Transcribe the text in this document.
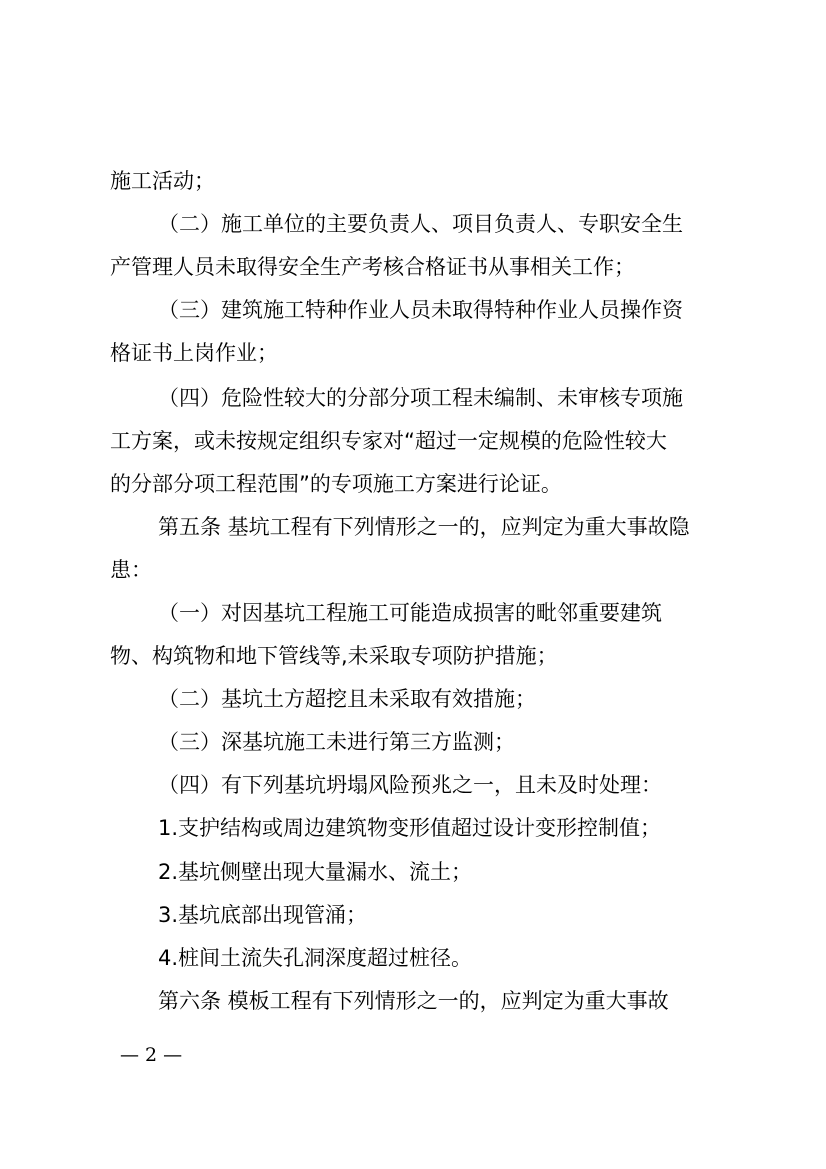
施工活动；
（二）施工单位的主要负责人、项目负责人、专职安全生
产管理人员未取得安全生产考核合格证书从事相关工作；
（三）建筑施工特种作业人员未取得特种作业人员操作资
格证书上岗作业；
（四）危险性较大的分部分项工程未编制、未审核专项施
工方案，或未按规定组织专家对“超过一定规模的危险性较大
的分部分项工程范围”的专项施工方案进行论证。
第五条 基坑工程有下列情形之一的，应判定为重大事故隐
患：
（一）对因基坑工程施工可能造成损害的毗邻重要建筑
物、构筑物和地下管线等,未采取专项防护措施；
（二）基坑土方超挖且未采取有效措施；
（三）深基坑施工未进行第三方监测；
（四）有下列基坑坍塌风险预兆之一，且未及时处理：
1.支护结构或周边建筑物变形值超过设计变形控制值；
2.基坑侧壁出现大量漏水、流土；
3.基坑底部出现管涌；
4.桩间土流失孔洞深度超过桩径。
第六条 模板工程有下列情形之一的，应判定为重大事故
— 2 —
